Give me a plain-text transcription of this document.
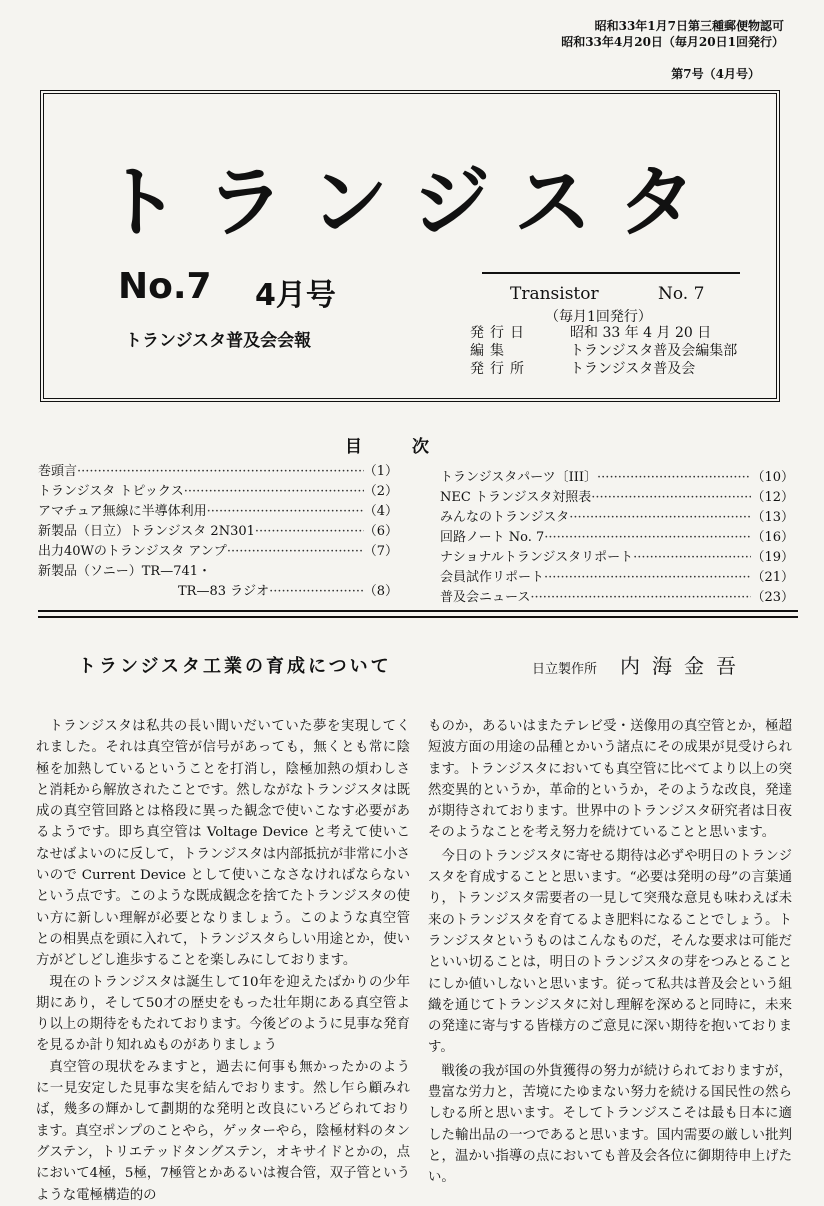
昭和33年1月7日第三種郵便物認可
昭和33年4月20日（毎月20日1回発行）
第7号（4月号）
トランジスタ
No.7 4月号
トランジスタ普及会会報
Transistor	No. 7
（毎月1回発行）
発行日	昭和 33 年 4 月 20 日
編集	トランジスタ普及会編集部
発行所	トランジスタ普及会
目次
巻頭言 ·····	（1）
トランジスタ トピックス ·····	（2）
アマチュア無線に半導体利用 ·····	（4）
新製品（日立）トランジスタ 2N301 ·····	（6）
出力40Wのトランジスタ アンプ ·····	（7）
新製品（ソニー）TR—741・
TR—83 ラジオ ·····	（8）
トランジスタパーツ〔III〕 ·····	（10）
NEC トランジスタ対照表 ·····	（12）
みんなのトランジスタ ·····	（13）
回路ノート No. 7 ·····	（16）
ナショナルトランジスタリポート ·····	（19）
会員試作リポート ·····	（21）
普及会ニュース ·····	（23）
トランジスタ工業の育成について	日立製作所 内海金吾

トランジスタは私共の長い間いだいていた夢を実現してくれました。それは真空管が信号があっても，無くとも常に陰極を加熱しているということを打消し，陰極加熱の煩わしさと消耗から解放されたことです。然しながなトランジスタは既成の真空管回路とは格段に異った観念で使いこなす必要があるようです。即ち真空管は Voltage Device と考えて使いこなせばよいのに反して，トランジスタは内部抵抗が非常に小さいので Current Device として使いこなさなければならないという点です。このような既成観念を捨てたトランジスタの使い方に新しい理解が必要となりましょう。このような真空管との相異点を頭に入れて，トランジスタらしい用途とか，使い方がどしどし進歩することを楽しみにしております。

現在のトランジスタは誕生して10年を迎えたばかりの少年期にあり，そして50才の歴史をもった壮年期にある真空管より以上の期待をもたれております。今後どのように見事な発育を見るか計り知れぬものがありましょう

真空管の現状をみますと，過去に何事も無かったかのように一見安定した見事な実を結んでおります。然し乍ら顧みれば，幾多の輝かして劃期的な発明と改良にいろどられております。真空ポンプのことやら，ゲッターやら，陰極材料のタングステン，トリエテッドタングステン，オキサイドとかの，点において4極，5極，7極管とかあるいは複合管，双子管というような電極構造的の

ものか，あるいはまたテレビ受・送像用の真空管とか，極超短波方面の用途の品種とかいう諸点にその成果が見受けられます。トランジスタにおいても真空管に比べてより以上の突然変異的というか，革命的というか，そのような改良，発達が期待されております。世界中のトランジスタ研究者は日夜そのようなことを考え努力を続けていることと思います。

今日のトランジスタに寄せる期待は必ずや明日のトランジスタを育成することと思います。“必要は発明の母”の言葉通り，トランジスタ需要者の一見して突飛な意見も味わえば未来のトランジスタを育てるよき肥料になることでしょう。トランジスタというものはこんなものだ，そんな要求は可能だといい切ることは，明日のトランジスタの芽をつみとることにしか値いしないと思います。従って私共は普及会という組織を通じてトランジスタに対し理解を深めると同時に，未来の発達に寄与する皆様方のご意見に深い期待を抱いております。

戦後の我が国の外貨獲得の努力が続けられておりますが，豊富な労力と，苦境にたゆまない努力を続ける国民性の然らしむる所と思います。そしてトランジスこそは最も日本に適した輸出品の一つであると思います。国内需要の厳しい批判と，温かい指導の点においても普及会各位に御期待申上げたい。
